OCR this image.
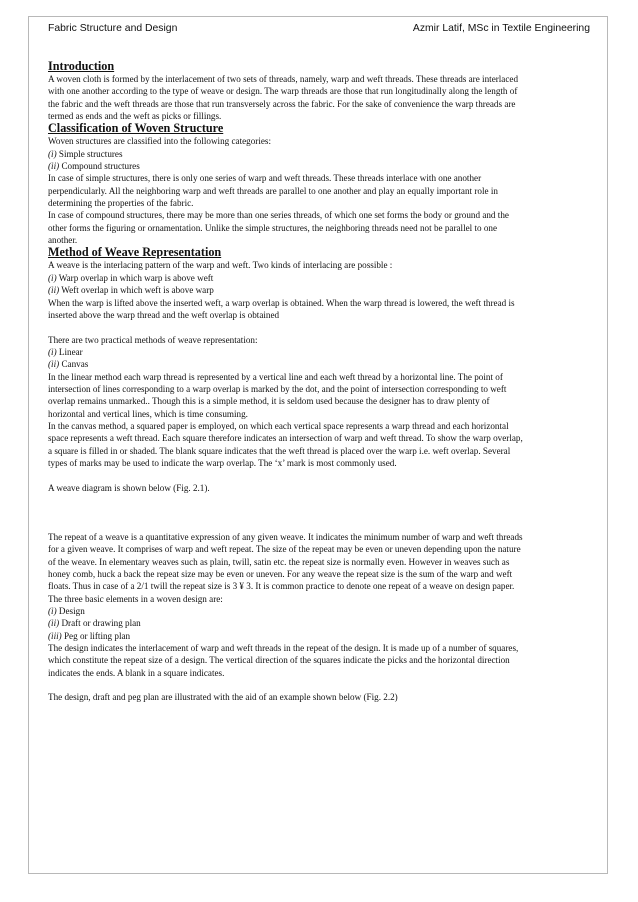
Fabric Structure and Design	Azmir Latif, MSc in Textile Engineering

Introduction

A woven cloth is formed by the interlacement of two sets of threads, namely, warp and weft threads. These threads are interlaced with one another according to the type of weave or design. The warp threads are those that run longitudinally along the length of the fabric and the weft threads are those that run transversely across the fabric. For the sake of convenience the warp threads are termed as ends and the weft as picks or fillings.

Classification of Woven Structure

Woven structures are classified into the following categories:

(i) Simple structures

(ii) Compound structures

In case of simple structures, there is only one series of warp and weft threads. These threads interlace with one another perpendicularly. All the neighboring warp and weft threads are parallel to one another and play an equally important role in determining the properties of the fabric.

In case of compound structures, there may be more than one series threads, of which one set forms the body or ground and the other forms the figuring or ornamentation. Unlike the simple structures, the neighboring threads need not be parallel to one another.

Method of Weave Representation

A weave is the interlacing pattern of the warp and weft. Two kinds of interlacing are possible :

(i) Warp overlap in which warp is above weft

(ii) Weft overlap in which weft is above warp

When the warp is lifted above the inserted weft, a warp overlap is obtained. When the warp thread is lowered, the weft thread is inserted above the warp thread and the weft overlap is obtained

There are two practical methods of weave representation:

(i) Linear

(ii) Canvas

In the linear method each warp thread is represented by a vertical line and each weft thread by a horizontal line. The point of intersection of lines corresponding to a warp overlap is marked by the dot, and the point of intersection corresponding to weft overlap remains unmarked.. Though this is a simple method, it is seldom used because the designer has to draw plenty of horizontal and vertical lines, which is time consuming.

In the canvas method, a squared paper is employed, on which each vertical space represents a warp thread and each horizontal space represents a weft thread. Each square therefore indicates an intersection of warp and weft thread. To show the warp overlap, a square is filled in or shaded. The blank square indicates that the weft thread is placed over the warp i.e. weft overlap. Several types of marks may be used to indicate the warp overlap. The ‘x’ mark is most commonly used.

A weave diagram is shown below (Fig. 2.1).

The repeat of a weave is a quantitative expression of any given weave. It indicates the minimum number of warp and weft threads for a given weave. It comprises of warp and weft repeat. The size of the repeat may be even or uneven depending upon the nature of the weave. In elementary weaves such as plain, twill, satin etc. the repeat size is normally even. However in weaves such as honey comb, huck a back the repeat size may be even or uneven. For any weave the repeat size is the sum of the warp and weft floats. Thus in case of a 2/1 twill the repeat size is 3 ¥ 3. It is common practice to denote one repeat of a weave on design paper.

The three basic elements in a woven design are:

(i) Design

(ii) Draft or drawing plan

(iii) Peg or lifting plan

The design indicates the interlacement of warp and weft threads in the repeat of the design. It is made up of a number of squares, which constitute the repeat size of a design. The vertical direction of the squares indicate the picks and the horizontal direction indicates the ends. A blank in a square indicates.

The design, draft and peg plan are illustrated with the aid of an example shown below (Fig. 2.2)
